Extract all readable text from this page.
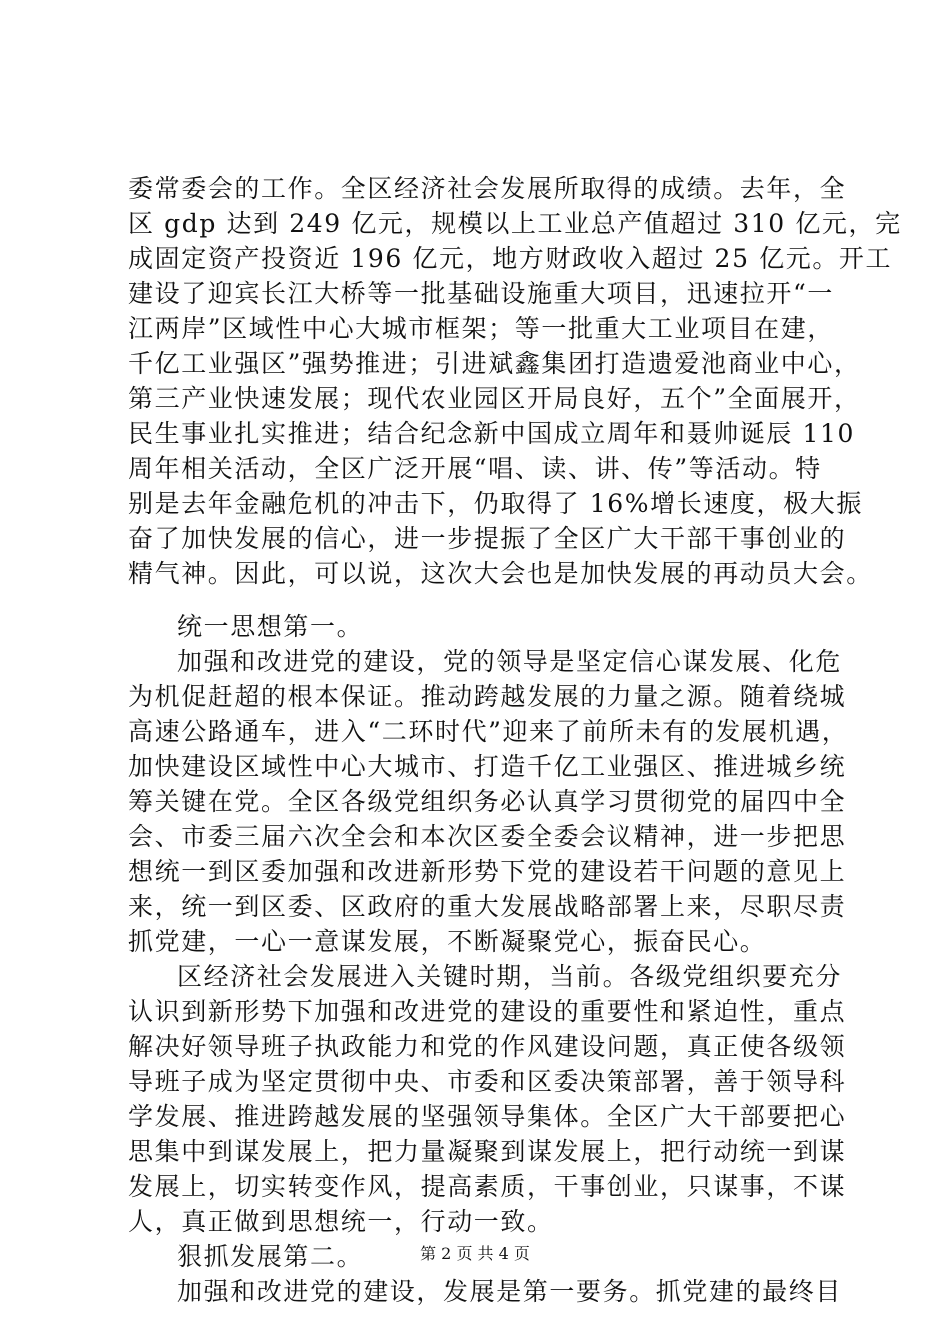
委常委会的工作。全区经济社会发展所取得的成绩。去年，全
区 gdp 达到 249 亿元，规模以上工业总产值超过 310 亿元，完
成固定资产投资近 196 亿元，地方财政收入超过 25 亿元。开工
建设了迎宾长江大桥等一批基础设施重大项目，迅速拉开“一
江两岸”区域性中心大城市框架；等一批重大工业项目在建，
千亿工业强区”强势推进；引进斌鑫集团打造遗爱池商业中心，
第三产业快速发展；现代农业园区开局良好，五个”全面展开，
民生事业扎实推进；结合纪念新中国成立周年和聂帅诞辰 110
周年相关活动，全区广泛开展“唱、读、讲、传”等活动。特
别是去年金融危机的冲击下，仍取得了 16%增长速度，极大振
奋了加快发展的信心，进一步提振了全区广大干部干事创业的
精气神。因此，可以说，这次大会也是加快发展的再动员大会。
统一思想第一。
加强和改进党的建设，党的领导是坚定信心谋发展、化危
为机促赶超的根本保证。推动跨越发展的力量之源。随着绕城
高速公路通车，进入“二环时代”迎来了前所未有的发展机遇，
加快建设区域性中心大城市、打造千亿工业强区、推进城乡统
筹关键在党。全区各级党组织务必认真学习贯彻党的届四中全
会、市委三届六次全会和本次区委全委会议精神，进一步把思
想统一到区委加强和改进新形势下党的建设若干问题的意见上
来，统一到区委、区政府的重大发展战略部署上来，尽职尽责
抓党建，一心一意谋发展，不断凝聚党心，振奋民心。
区经济社会发展进入关键时期，当前。各级党组织要充分
认识到新形势下加强和改进党的建设的重要性和紧迫性，重点
解决好领导班子执政能力和党的作风建设问题，真正使各级领
导班子成为坚定贯彻中央、市委和区委决策部署，善于领导科
学发展、推进跨越发展的坚强领导集体。全区广大干部要把心
思集中到谋发展上，把力量凝聚到谋发展上，把行动统一到谋
发展上，切实转变作风，提高素质，干事创业，只谋事，不谋
人，真正做到思想统一，行动一致。
狠抓发展第二。
加强和改进党的建设，发展是第一要务。抓党建的最终目
第 2 页 共 4 页
